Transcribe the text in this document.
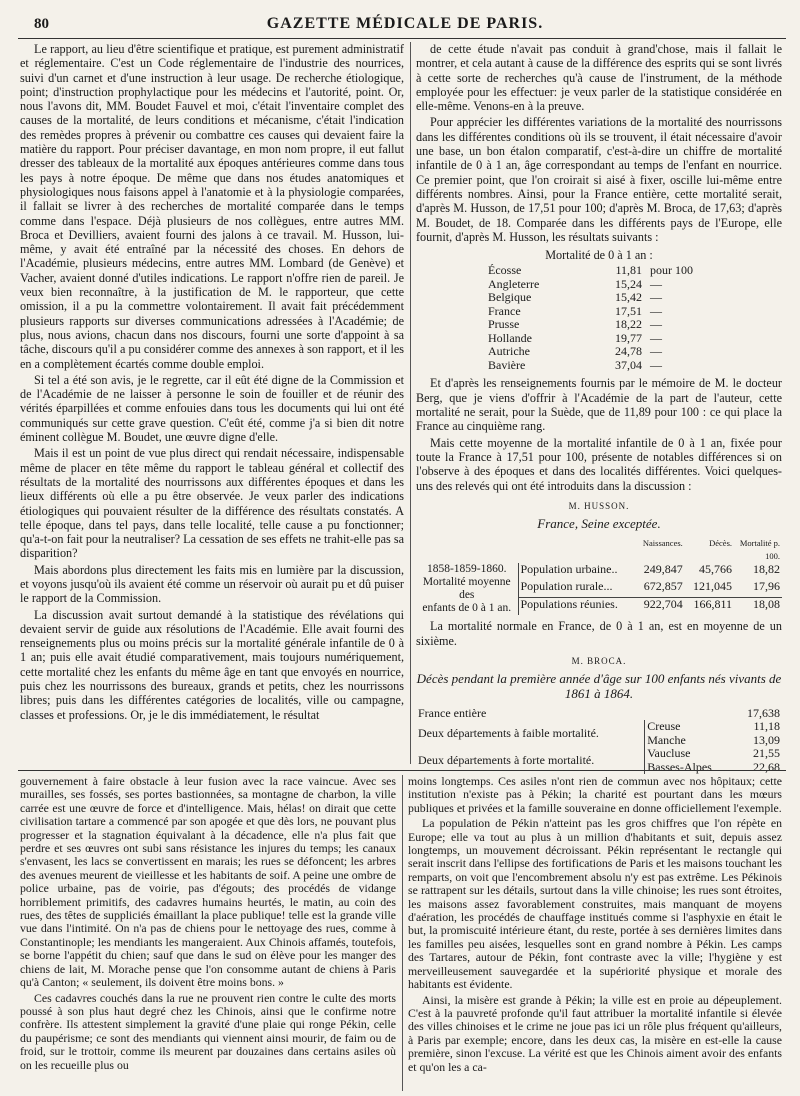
80	GAZETTE MÉDICALE DE PARIS.

Le rapport, au lieu d'être scientifique et pratique, est purement administratif et réglementaire. C'est un Code réglementaire de l'industrie des nourrices, suivi d'un carnet et d'une instruction à leur usage. De recherche étiologique, point; d'instruction prophylactique pour les médecins et l'autorité, point. Or, nous l'avons dit, MM. Boudet Fauvel et moi, c'était l'inventaire complet des causes de la mortalité, de leurs conditions et mécanisme, c'était l'indication des remèdes propres à prévenir ou combattre ces causes qui devaient faire la matière du rapport. Pour préciser davantage, en mon nom propre, il eut fallut dresser des tableaux de la mortalité aux époques antérieures comme dans tous les pays à notre époque. De même que dans nos études anatomiques et physiologiques nous faisons appel à l'anatomie et à la physiologie comparées, il fallait se livrer à des recherches de mortalité comparée dans le temps comme dans l'espace. Déjà plusieurs de nos collègues, entre autres MM. Broca et Devilliers, avaient fourni des jalons à ce travail. M. Husson, lui-même, y avait été entraîné par la nécessité des choses. En dehors de l'Académie, plusieurs médecins, entre autres MM. Lombard (de Genève) et Vacher, avaient donné d'utiles indications. Le rapport n'offre rien de pareil. Je veux bien reconnaître, à la justification de M. le rapporteur, que cette omission, il a pu la commettre volontairement. Il avait fait précédemment plusieurs rapports sur diverses communications adressées à l'Académie; de plus, nous avions, chacun dans nos discours, fourni une sorte d'appoint à sa tâche, discours qu'il a pu considérer comme des annexes à son rapport, et il les en a complètement écartés comme double emploi.

Si tel a été son avis, je le regrette, car il eût été digne de la Commission et de l'Académie de ne laisser à personne le soin de fouiller et de réunir des vérités éparpillées et comme enfouies dans tous les documents qui lui ont été communiqués sur cette grave question. C'eût été, comme j'a si bien dit notre éminent collègue M. Boudet, une œuvre digne d'elle.

Mais il est un point de vue plus direct qui rendait nécessaire, indispensable même de placer en tête même du rapport le tableau général et collectif des résultats de la mortalité des nourrissons aux différentes époques et dans les lieux différents où elle a pu être observée. Je veux parler des indications étiologiques qui pouvaient résulter de la différence des résultats constatés. A telle époque, dans tel pays, dans telle localité, telle cause a pu fonctionner; qu'a-t-on fait pour la neutraliser? La cessation de ses effets ne trahit-elle pas sa disparition?

Mais abordons plus directement les faits mis en lumière par la discussion, et voyons jusqu'où ils avaient été comme un réservoir où aurait pu et dû puiser le rapport de la Commission.

La discussion avait surtout demandé à la statistique des révélations qui devaient servir de guide aux résolutions de l'Académie. Elle avait fourni des renseignements plus ou moins précis sur la mortalité générale infantile de 0 à 1 an; puis elle avait étudié comparativement, mais toujours numériquement, cette mortalité chez les enfants du même âge en tant que envoyés en nourrice, puis chez les nourrissons des bureaux, grands et petits, chez les nourrissons libres; puis dans les différentes catégories de localités, ville ou campagne, classes et professions. Or, je le dis immédiatement, le résultat

de cette étude n'avait pas conduit à grand'chose, mais il fallait le montrer, et cela autant à cause de la différence des esprits qui se sont livrés à cette sorte de recherches qu'à cause de l'instrument, de la méthode employée pour les effectuer: je veux parler de la statistique considérée en elle-même. Venons-en à la preuve.

Pour apprécier les différentes variations de la mortalité des nourrissons dans les différentes conditions où ils se trouvent, il était nécessaire d'avoir une base, un bon étalon comparatif, c'est-à-dire un chiffre de mortalité infantile de 0 à 1 an, âge correspondant au temps de l'enfant en nourrice. Ce premier point, que l'on croirait si aisé à fixer, oscille lui-même entre différents nombres. Ainsi, pour la France entière, cette mortalité serait, d'après M. Husson, de 17,51 pour 100; d'après M. Broca, de 17,63; d'après M. Boudet, de 18. Comparée dans les différents pays de l'Europe, elle fournit, d'après M. Husson, les résultats suivants :

Mortalité de 0 à 1 an :
Écosse	11,81	pour 100
Angleterre	15,24	—
Belgique	15,42	—
France	17,51	—
Prusse	18,22	—
Hollande	19,77	—
Autriche	24,78	—
Bavière	37,04	—

Et d'après les renseignements fournis par le mémoire de M. le docteur Berg, que je viens d'offrir à l'Académie de la part de l'auteur, cette mortalité ne serait, pour la Suède, que de 11,89 pour 100 : ce qui place la France au cinquième rang.

Mais cette moyenne de la mortalité infantile de 0 à 1 an, fixée pour toute la France à 17,51 pour 100, présente de notables différences si on l'observe à des époques et dans des localités différentes. Voici quelques-uns des relevés qui ont été introduits dans la discussion :

M. HUSSON.
France, Seine exceptée.
		Naissances.	Décès.	Mortalité p. 100.

1858-1859-1860.
Mortalité moyenne
des
enfants de 0 à 1 an.				

	Population urbaine..	249,847	45,766	18,82
	Population rurale...	672,857	121,045	17,96
	Populations réunies.	922,704	166,811	18,08

La mortalité normale en France, de 0 à 1 an, est en moyenne de un sixième.

M. BROCA.
Décès pendant la première année d'âge sur 100 enfants nés vivants de 1861 à 1864.
France entière		17,638
Deux départements à faible mortalité.	Creuse	11,18
	Manche	13,09
Deux départements à forte mortalité.	Vaucluse	21,55
	Basses-Alpes	22,68

gouvernement à faire obstacle à leur fusion avec la race vaincue. Avec ses murailles, ses fossés, ses portes bastionnées, sa montagne de charbon, la ville carrée est une œuvre de force et d'intelligence. Mais, hélas! on dirait que cette civilisation tartare a commencé par son apogée et que dès lors, ne pouvant plus progresser et la stagnation équivalant à la décadence, elle n'a plus fait que perdre et ses œuvres ont subi sans résistance les injures du temps; les canaux s'envasent, les lacs se convertissent en marais; les rues se défoncent; les arbres des avenues meurent de vieillesse et les habitants de soif. A peine une ombre de police urbaine, pas de voirie, pas d'égouts; des procédés de vidange horriblement primitifs, des cadavres humains heurtés, le matin, au coin des rues, des têtes de suppliciés émaillant la place publique! telle est la grande ville vue dans l'intimité. On n'a pas de chiens pour le nettoyage des rues, comme à Constantinople; les mendiants les mangeraient. Aux Chinois affamés, toutefois, se borne l'appétit du chien; sauf que dans le sud on élève pour les manger des chiens de lait, M. Morache pense que l'on consomme autant de chiens à Paris qu'à Canton; « seulement, ils doivent être moins bons. »

Ces cadavres couchés dans la rue ne prouvent rien contre le culte des morts poussé à son plus haut degré chez les Chinois, ainsi que le confirme notre confrère. Ils attestent simplement la gravité d'une plaie qui ronge Pékin, celle du paupérisme; ce sont des mendiants qui viennent ainsi mourir, de faim ou de froid, sur le trottoir, comme ils meurent par douzaines dans certains asiles où on les recueille plus ou

moins longtemps. Ces asiles n'ont rien de commun avec nos hôpitaux; cette institution n'existe pas à Pékin; la charité est pourtant dans les mœurs publiques et privées et la famille souveraine en donne officiellement l'exemple.

La population de Pékin n'atteint pas les gros chiffres que l'on répète en Europe; elle va tout au plus à un million d'habitants et suit, depuis assez longtemps, un mouvement décroissant. Pékin représentant le rectangle qui serait inscrit dans l'ellipse des fortifications de Paris et les maisons touchant les remparts, on voit que l'encombrement absolu n'y est pas extrême. Les Pékinois se rattrapent sur les détails, surtout dans la ville chinoise; les rues sont étroites, les maisons assez favorablement construites, mais manquant de moyens d'aération, les procédés de chauffage institués comme si l'asphyxie en était le but, la promiscuité intérieure étant, du reste, portée à ses dernières limites dans les familles peu aisées, lesquelles sont en grand nombre à Pékin. Les camps des Tartares, autour de Pékin, font contraste avec la ville; l'hygiène y est merveilleusement sauvegardée et la supériorité physique et morale des habitants est évidente.

Ainsi, la misère est grande à Pékin; la ville est en proie au dépeuplement. C'est à la pauvreté profonde qu'il faut attribuer la mortalité infantile si élevée des villes chinoises et le crime ne joue pas ici un rôle plus fréquent qu'ailleurs, à Paris par exemple; encore, dans les deux cas, la misère en est-elle la cause première, sinon l'excuse. La vérité est que les Chinois aiment avoir des enfants et qu'on les a ca-
